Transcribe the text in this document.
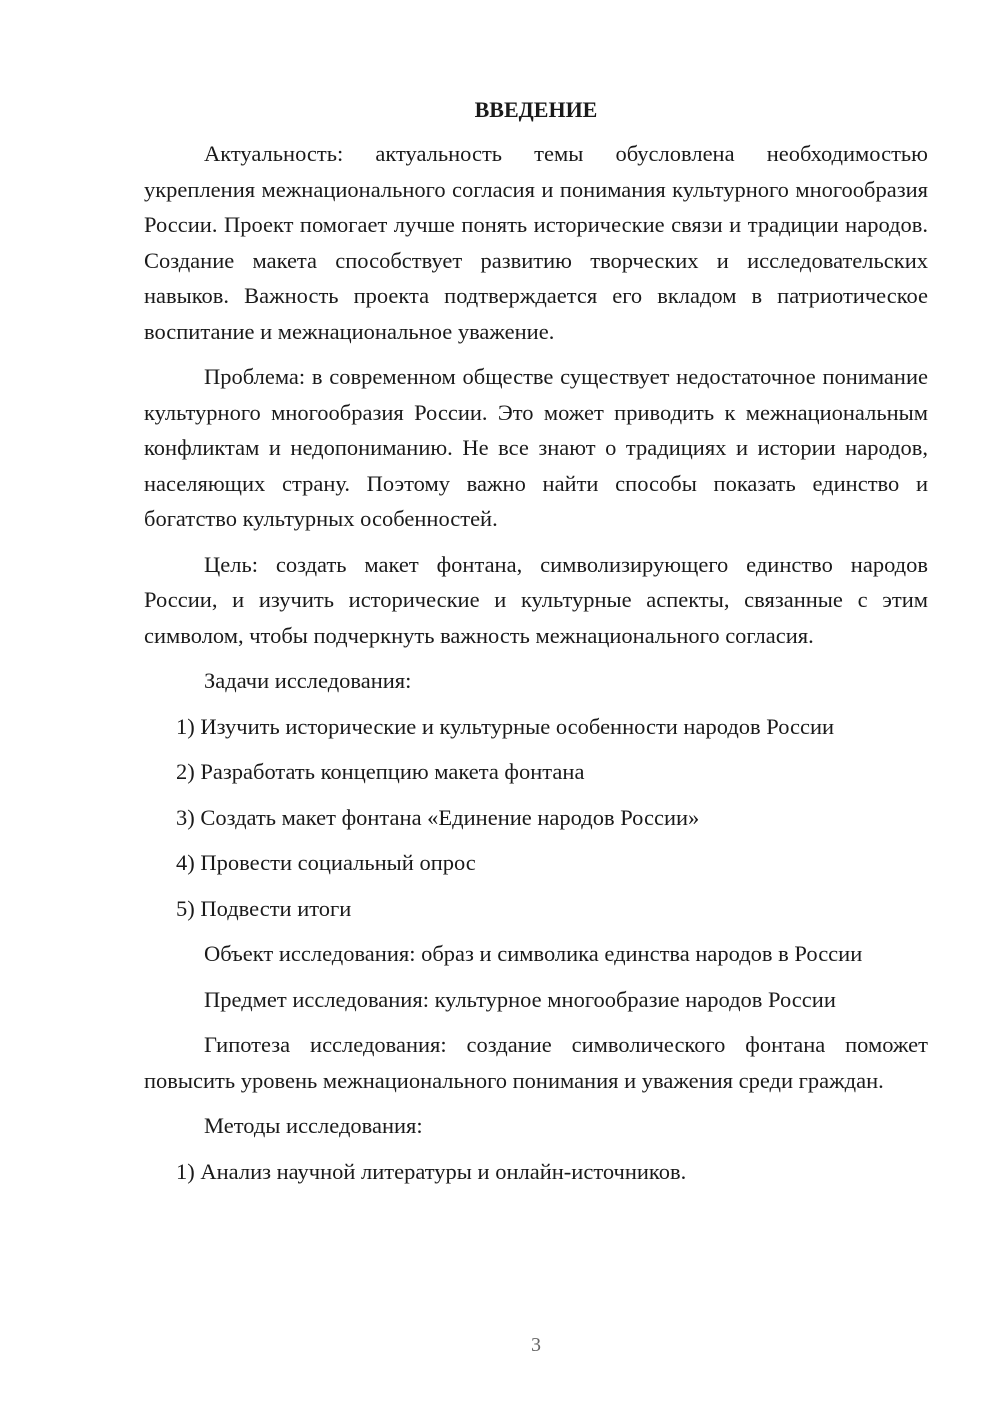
ВВЕДЕНИЕ

Актуальность: актуальность темы обусловлена необходимостью укрепления межнационального согласия и понимания культурного многообразия России. Проект помогает лучше понять исторические связи и традиции народов. Создание макета способствует развитию творческих и исследовательских навыков. Важность проекта подтверждается его вкладом в патриотическое воспитание и межнациональное уважение.

Проблема: в современном обществе существует недостаточное понимание культурного многообразия России. Это может приводить к межнациональным конфликтам и недопониманию. Не все знают о традициях и истории народов, населяющих страну. Поэтому важно найти способы показать единство и богатство культурных особенностей.

Цель: создать макет фонтана, символизирующего единство народов России, и изучить исторические и культурные аспекты, связанные с этим символом, чтобы подчеркнуть важность межнационального согласия.

Задачи исследования:
1) Изучить исторические и культурные особенности народов России
2) Разработать концепцию макета фонтана
3) Создать макет фонтана «Единение народов России»
4) Провести социальный опрос
5) Подвести итоги

Объект исследования: образ и символика единства народов в России

Предмет исследования: культурное многообразие народов России

Гипотеза исследования: создание символического фонтана поможет повысить уровень межнационального понимания и уважения среди граждан.

Методы исследования:
1) Анализ научной литературы и онлайн-источников.
3
